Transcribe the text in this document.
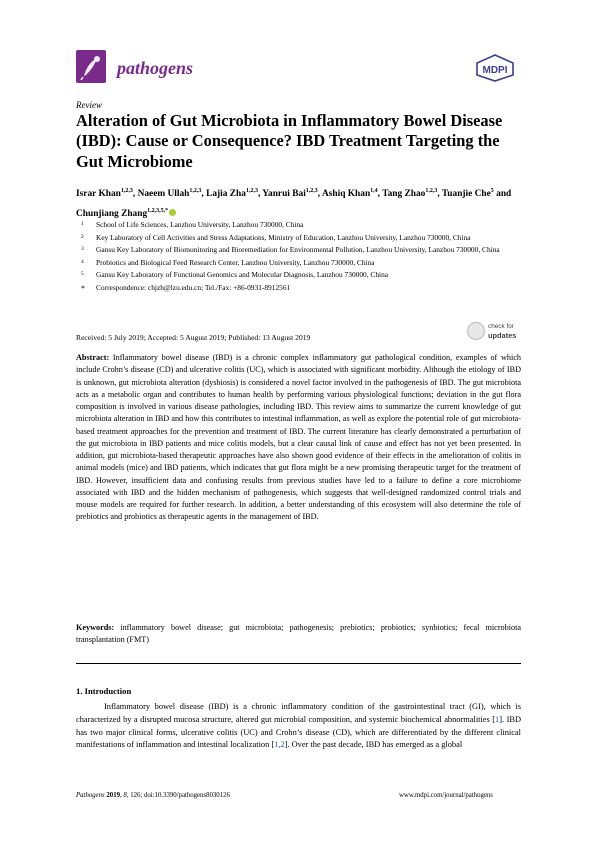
pathogens	MDPI
Review
Alteration of Gut Microbiota in Inflammatory Bowel Disease (IBD): Cause or Consequence? IBD Treatment Targeting the Gut Microbiome
Israr Khan$^{1,2,3}$, Naeem Ullah$^{1,2,3}$, Lajia Zha$^{1,2,3}$, Yanrui Bai$^{1,2,3}$, Ashiq Khan$^{1,4}$, Tang Zhao$^{1,2,3}$, Tuanjie Che$^5$ and Chunjiang Zhang$^{1,2,3,5,*}$
1 School of Life Sciences, Lanzhou University, Lanzhou 730000, China
2 Key Laboratory of Cell Activities and Stress Adaptations, Ministry of Education, Lanzhou University, Lanzhou 730000, China
3 Gansu Key Laboratory of Biomonitoring and Bioremediation for Environmental Pollution, Lanzhou University, Lanzhou 730000, China
4 Probiotics and Biological Feed Research Center, Lanzhou University, Lanzhou 730000, China
5 Gansu Key Laboratory of Functional Genomics and Molecular Diagnosis, Lanzhou 730000, China
* Correspondence: chjzh@lzu.edu.cn; Tel./Fax: +86-0931-8912561
check for
updates
Received: 5 July 2019; Accepted: 5 August 2019; Published: 13 August 2019

Abstract: Inflammatory bowel disease (IBD) is a chronic complex inflammatory gut pathological condition, examples of which include Crohn’s disease (CD) and ulcerative colitis (UC), which is associated with significant morbidity. Although the etiology of IBD is unknown, gut microbiota alteration (dysbiosis) is considered a novel factor involved in the pathogenesis of IBD. The gut microbiota acts as a metabolic organ and contributes to human health by performing various physiological functions; deviation in the gut flora composition is involved in various disease pathologies, including IBD. This review aims to summarize the current knowledge of gut microbiota alteration in IBD and how this contributes to intestinal inflammation, as well as explore the potential role of gut microbiota-based treatment approaches for the prevention and treatment of IBD. The current literature has clearly demonstrated a perturbation of the gut microbiota in IBD patients and mice colitis models, but a clear causal link of cause and effect has not yet been presented. In addition, gut microbiota-based therapeutic approaches have also shown good evidence of their effects in the amelioration of colitis in animal models (mice) and IBD patients, which indicates that gut flora might be a new promising therapeutic target for the treatment of IBD. However, insufficient data and confusing results from previous studies have led to a failure to define a core microbiome associated with IBD and the hidden mechanism of pathogenesis, which suggests that well-designed randomized control trials and mouse models are required for further research. In addition, a better understanding of this ecosystem will also determine the role of prebiotics and probiotics as therapeutic agents in the management of IBD.

Keywords: inflammatory bowel disease; gut microbiota; pathogenesis; prebiotics; probiotics; synbiotics; fecal microbiota transplantation (FMT)

1. Introduction

Inflammatory bowel disease (IBD) is a chronic inflammatory condition of the gastrointestinal tract (GI), which is characterized by a disrupted mucosa structure, altered gut microbial composition, and systemic biochemical abnormalities [1]. IBD has two major clinical forms, ulcerative colitis (UC) and Crohn’s disease (CD), which are differentiated by the different clinical manifestations of inflammation and intestinal localization [1,2]. Over the past decade, IBD has emerged as a global

Pathogens 2019, 8, 126; doi:10.3390/pathogens8030126	www.mdpi.com/journal/pathogens
